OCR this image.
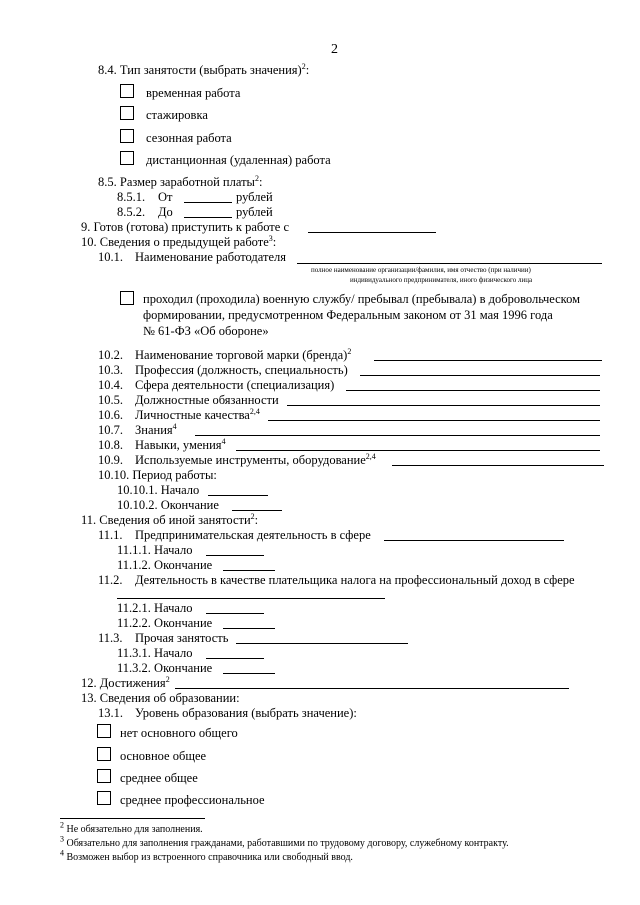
2
8.4. Тип занятости (выбрать значения)$^2$:
временная работа
стажировка
сезонная работа
дистанционная (удаленная) работа
8.5. Размер заработной платы$^2$:
8.5.1. От	рублей
8.5.2. До	рублей
9. Готов (готова) приступить к работе с
10. Сведения о предыдущей работе$^3$:
10.1. Наименование работодателя
полное наименование организации/фамилия, имя отчество (при наличии)
индивидуального предпринимателя, иного физического лица
проходил (проходила) военную службу/ пребывал (пребывала) в добровольческом
формировании, предусмотренном Федеральным законом от 31 мая 1996 года
№ 61-ФЗ «Об обороне»
10.2. Наименование торговой марки (бренда)$^2$
10.3. Профессия (должность, специальность)
10.4. Сфера деятельности (специализация)
10.5. Должностные обязанности
10.6. Личностные качества$^{2,4}$
10.7. Знания$^4$
10.8. Навыки, умения$^4$
10.9. Используемые инструменты, оборудование$^{2,4}$
10.10. Период работы:
10.10.1. Начало
10.10.2. Окончание
11. Сведения об иной занятости$^2$:
11.1. Предпринимательская деятельность в сфере
11.1.1. Начало
11.1.2. Окончание
11.2. Деятельность в качестве плательщика налога на профессиональный доход в сфере
11.2.1. Начало
11.2.2. Окончание
11.3. Прочая занятость
11.3.1. Начало
11.3.2. Окончание
12. Достижения$^2$
13. Сведения об образовании:
13.1. Уровень образования (выбрать значение):
нет основного общего
основное общее
среднее общее
среднее профессиональное
$^2$ Не обязательно для заполнения.
$^3$ Обязательно для заполнения гражданами, работавшими по трудовому договору, служебному контракту.
$^4$ Возможен выбор из встроенного справочника или свободный ввод.
